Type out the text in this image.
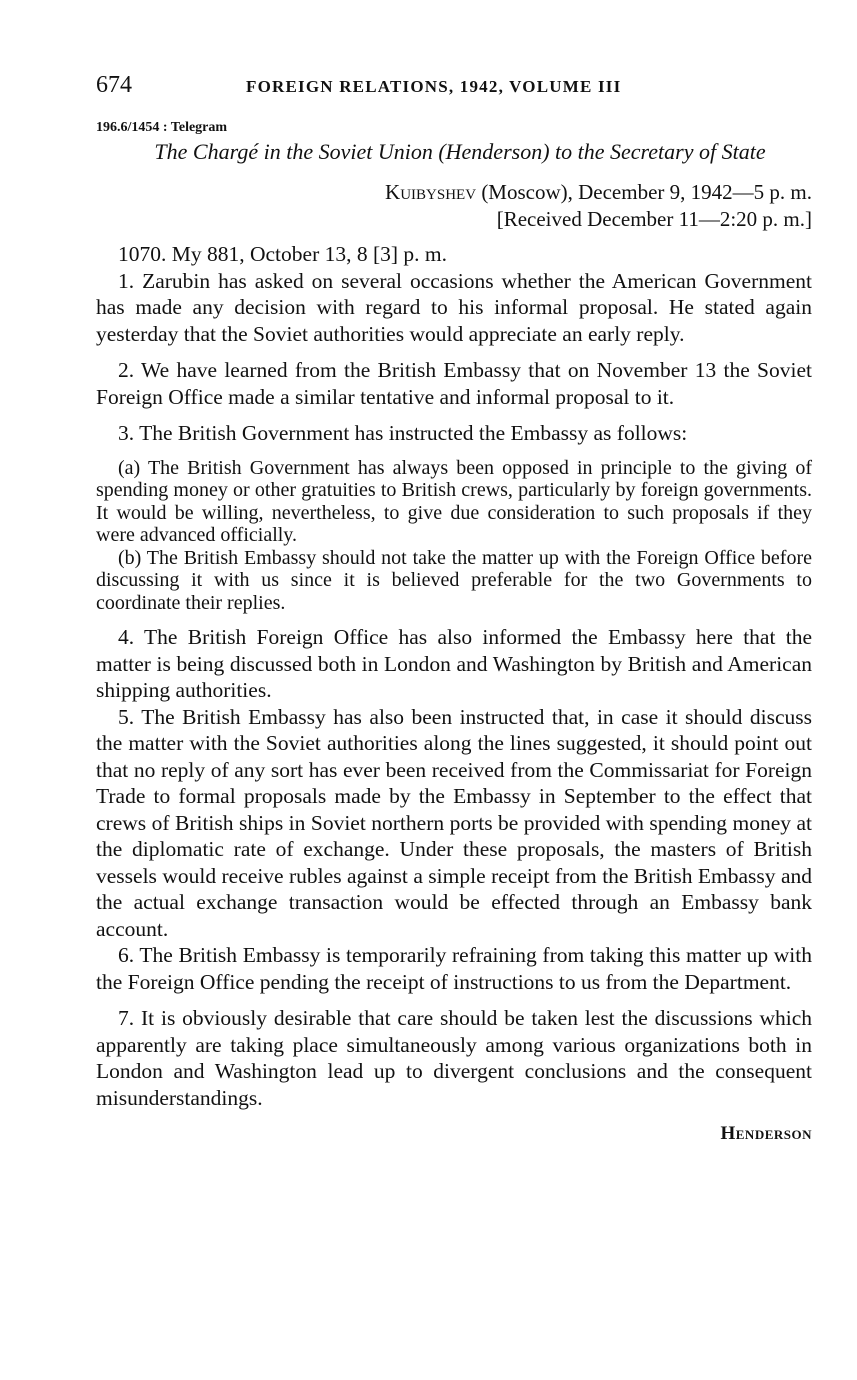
674	FOREIGN RELATIONS, 1942, VOLUME III
196.6/1454 : Telegram
The Chargé in the Soviet Union (Henderson) to the Secretary of State
Kuibyshev (Moscow), December 9, 1942—5 p. m.
[Received December 11—2:20 p. m.]

1070. My 881, October 13, 8 [3] p. m.

1. Zarubin has asked on several occasions whether the American Government has made any decision with regard to his informal proposal. He stated again yesterday that the Soviet authorities would appreciate an early reply.

2. We have learned from the British Embassy that on November 13 the Soviet Foreign Office made a similar tentative and informal proposal to it.

3. The British Government has instructed the Embassy as follows:

(a) The British Government has always been opposed in principle to the giving of spending money or other gratuities to British crews, particularly by foreign governments. It would be willing, nevertheless, to give due consideration to such proposals if they were advanced officially.

(b) The British Embassy should not take the matter up with the Foreign Office before discussing it with us since it is believed preferable for the two Governments to coordinate their replies.

4. The British Foreign Office has also informed the Embassy here that the matter is being discussed both in London and Washington by British and American shipping authorities.

5. The British Embassy has also been instructed that, in case it should discuss the matter with the Soviet authorities along the lines suggested, it should point out that no reply of any sort has ever been received from the Commissariat for Foreign Trade to formal proposals made by the Embassy in September to the effect that crews of British ships in Soviet northern ports be provided with spending money at the diplomatic rate of exchange. Under these proposals, the masters of British vessels would receive rubles against a simple receipt from the British Embassy and the actual exchange transaction would be effected through an Embassy bank account.

6. The British Embassy is temporarily refraining from taking this matter up with the Foreign Office pending the receipt of instructions to us from the Department.

7. It is obviously desirable that care should be taken lest the discussions which apparently are taking place simultaneously among various organizations both in London and Washington lead up to divergent conclusions and the consequent misunderstandings.

Henderson
